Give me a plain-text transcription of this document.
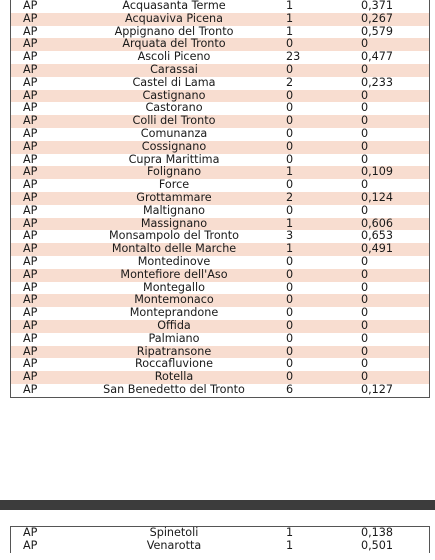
AP	Acquasanta Terme	1	0,371
AP	Acquaviva Picena	1	0,267
AP	Appignano del Tronto	1	0,579
AP	Arquata del Tronto	0	0
AP	Ascoli Piceno	23	0,477
AP	Carassai	0	0
AP	Castel di Lama	2	0,233
AP	Castignano	0	0
AP	Castorano	0	0
AP	Colli del Tronto	0	0
AP	Comunanza	0	0
AP	Cossignano	0	0
AP	Cupra Marittima	0	0
AP	Folignano	1	0,109
AP	Force	0	0
AP	Grottammare	2	0,124
AP	Maltignano	0	0
AP	Massignano	1	0,606
AP	Monsampolo del Tronto	3	0,653
AP	Montalto delle Marche	1	0,491
AP	Montedinove	0	0
AP	Montefiore dell'Aso	0	0
AP	Montegallo	0	0
AP	Montemonaco	0	0
AP	Monteprandone	0	0
AP	Offida	0	0
AP	Palmiano	0	0
AP	Ripatransone	0	0
AP	Roccafluvione	0	0
AP	Rotella	0	0
AP	San Benedetto del Tronto	6	0,127
AP	Spinetoli	1	0,138
AP	Venarotta	1	0,501
